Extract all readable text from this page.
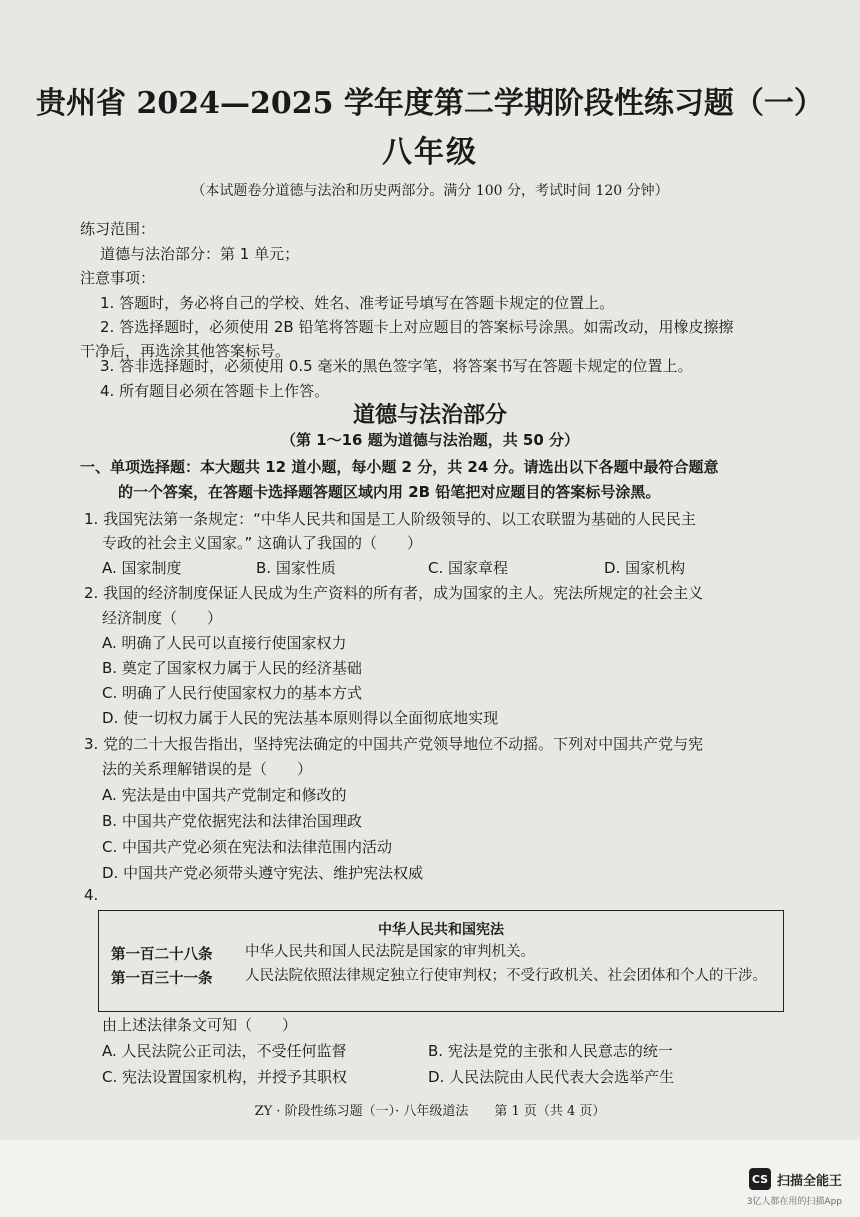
贵州省 2024—2025 学年度第二学期阶段性练习题（一）
八年级
（本试题卷分道德与法治和历史两部分。满分 100 分，考试时间 120 分钟）
练习范围：
道德与法治部分：第 1 单元；
注意事项：
1. 答题时，务必将自己的学校、姓名、准考证号填写在答题卡规定的位置上。
2. 答选择题时，必须使用 2B 铅笔将答题卡上对应题目的答案标号涂黑。如需改动，用橡皮擦擦
干净后，再选涂其他答案标号。
3. 答非选择题时，必须使用 0.5 毫米的黑色签字笔，将答案书写在答题卡规定的位置上。
4. 所有题目必须在答题卡上作答。
道德与法治部分
（第 1～16 题为道德与法治题，共 50 分）
一、单项选择题：本大题共 12 道小题，每小题 2 分，共 24 分。请选出以下各题中最符合题意
的一个答案，在答题卡选择题答题区域内用 2B 铅笔把对应题目的答案标号涂黑。
1. 我国宪法第一条规定：“中华人民共和国是工人阶级领导的、以工农联盟为基础的人民民主
专政的社会主义国家。” 这确认了我国的（　　）
A. 国家制度	B. 国家性质	C. 国家章程	D. 国家机构
2. 我国的经济制度保证人民成为生产资料的所有者，成为国家的主人。宪法所规定的社会主义
经济制度（　　）
A. 明确了人民可以直接行使国家权力
B. 奠定了国家权力属于人民的经济基础
C. 明确了人民行使国家权力的基本方式
D. 使一切权力属于人民的宪法基本原则得以全面彻底地实现
3. 党的二十大报告指出，坚持宪法确定的中国共产党领导地位不动摇。下列对中国共产党与宪
法的关系理解错误的是（　　）
A. 宪法是由中国共产党制定和修改的
B. 中国共产党依据宪法和法律治国理政
C. 中国共产党必须在宪法和法律范围内活动
D. 中国共产党必须带头遵守宪法、维护宪法权威
4.
中华人民共和国宪法
第一百二十八条 中华人民共和国人民法院是国家的审判机关。
第一百三十一条 人民法院依照法律规定独立行使审判权；不受行政机关、社会团体和个人的干涉。
由上述法律条文可知（　　）
A. 人民法院公正司法，不受任何监督	B. 宪法是党的主张和人民意志的统一
C. 宪法设置国家机构，并授予其职权	D. 人民法院由人民代表大会选举产生
ZY · 阶段性练习题（一）· 八年级道法　　第 1 页（共 4 页）
CS 扫描全能王
3亿人都在用的扫描App
